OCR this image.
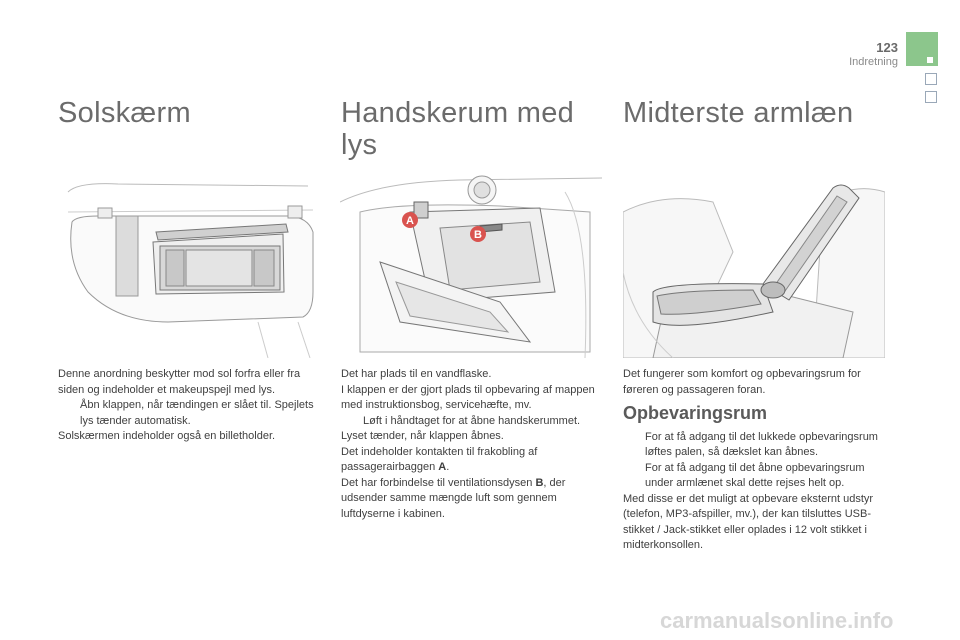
123
Indretning
Solskærm

Denne anordning beskytter mod sol forfra eller fra siden og indeholder et makeupspejl med lys.

Åbn klappen, når tændingen er slået til. Spejlets lys tænder automatisk.

Solskærmen indeholder også en billetholder.

Handskerum med lys
A
B

Det har plads til en vandflaske.

I klappen er der gjort plads til opbevaring af mappen med instruktionsbog, servicehæfte, mv.

Løft i håndtaget for at åbne handskerummet.

Lyset tænder, når klappen åbnes.

Det indeholder kontakten til frakobling af passagerairbaggen A.

Det har forbindelse til ventilationsdysen B, der udsender samme mængde luft som gennem luftdyserne i kabinen.

Midterste armlæn

Det fungerer som komfort og opbevaringsrum for føreren og passageren foran.

Opbevaringsrum
For at få adgang til det lukkede opbevaringsrum løftes palen, så dækslet kan åbnes.
For at få adgang til det åbne opbevaringsrum under armlænet skal dette rejses helt op.

Med disse er det muligt at opbevare eksternt udstyr (telefon, MP3-afspiller, mv.), der kan tilsluttes USB-stikket / Jack-stikket eller oplades i 12 volt stikket i midterkonsollen.

carmanualsonline.info
